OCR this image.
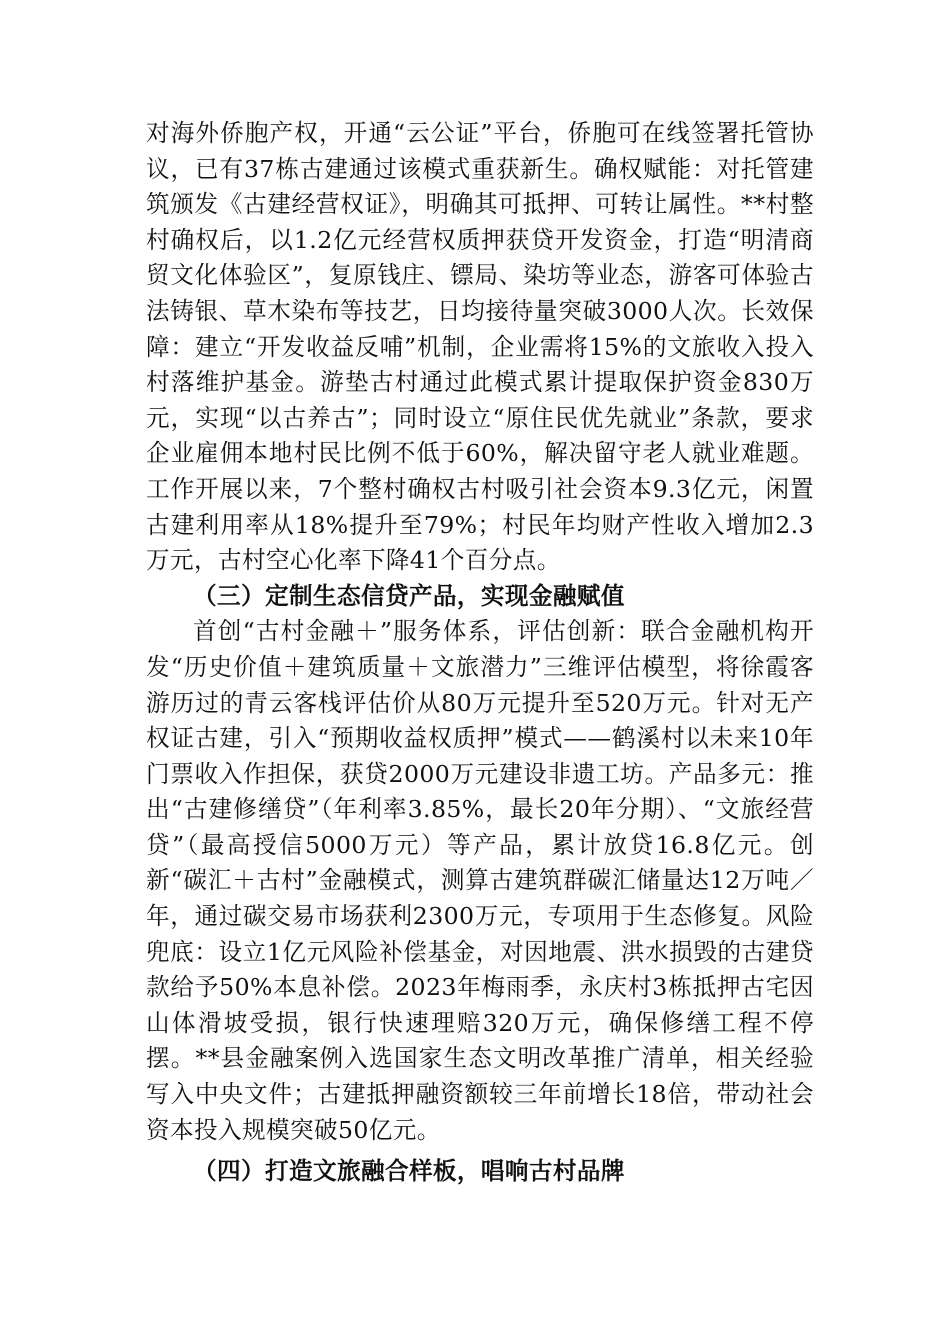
对海外侨胞产权，开通“云公证”平台，侨胞可在线签署托管协议，已有37栋古建通过该模式重获新生。确权赋能：对托管建筑颁发《古建经营权证》，明确其可抵押、可转让属性。**村整村确权后，以1.2亿元经营权质押获贷开发资金，打造“明清商贸文化体验区”，复原钱庄、镖局、染坊等业态，游客可体验古法铸银、草木染布等技艺，日均接待量突破3000人次。长效保障：建立“开发收益反哺”机制，企业需将15%的文旅收入投入村落维护基金。游垫古村通过此模式累计提取保护资金830万元，实现“以古养古”；同时设立“原住民优先就业”条款，要求企业雇佣本地村民比例不低于60%，解决留守老人就业难题。工作开展以来，7个整村确权古村吸引社会资本9.3亿元，闲置古建利用率从18%提升至79%；村民年均财产性收入增加2.3万元，古村空心化率下降41个百分点。

（三）定制生态信贷产品，实现金融赋值

首创“古村金融＋”服务体系，评估创新：联合金融机构开发“历史价值＋建筑质量＋文旅潜力”三维评估模型，将徐霞客游历过的青云客栈评估价从80万元提升至520万元。针对无产权证古建，引入“预期收益权质押”模式——鹤溪村以未来10年门票收入作担保，获贷2000万元建设非遗工坊。产品多元：推出“古建修缮贷”（年利率3.85%，最长20年分期）、“文旅经营贷”（最高授信5000万元）等产品，累计放贷16.8亿元。创新“碳汇＋古村”金融模式，测算古建筑群碳汇储量达12万吨／年，通过碳交易市场获利2300万元，专项用于生态修复。风险兜底：设立1亿元风险补偿基金，对因地震、洪水损毁的古建贷款给予50%本息补偿。2023年梅雨季，永庆村3栋抵押古宅因山体滑坡受损，银行快速理赔320万元，确保修缮工程不停摆。**县金融案例入选国家生态文明改革推广清单，相关经验写入中央文件；古建抵押融资额较三年前增长18倍，带动社会资本投入规模突破50亿元。

（四）打造文旅融合样板，唱响古村品牌
